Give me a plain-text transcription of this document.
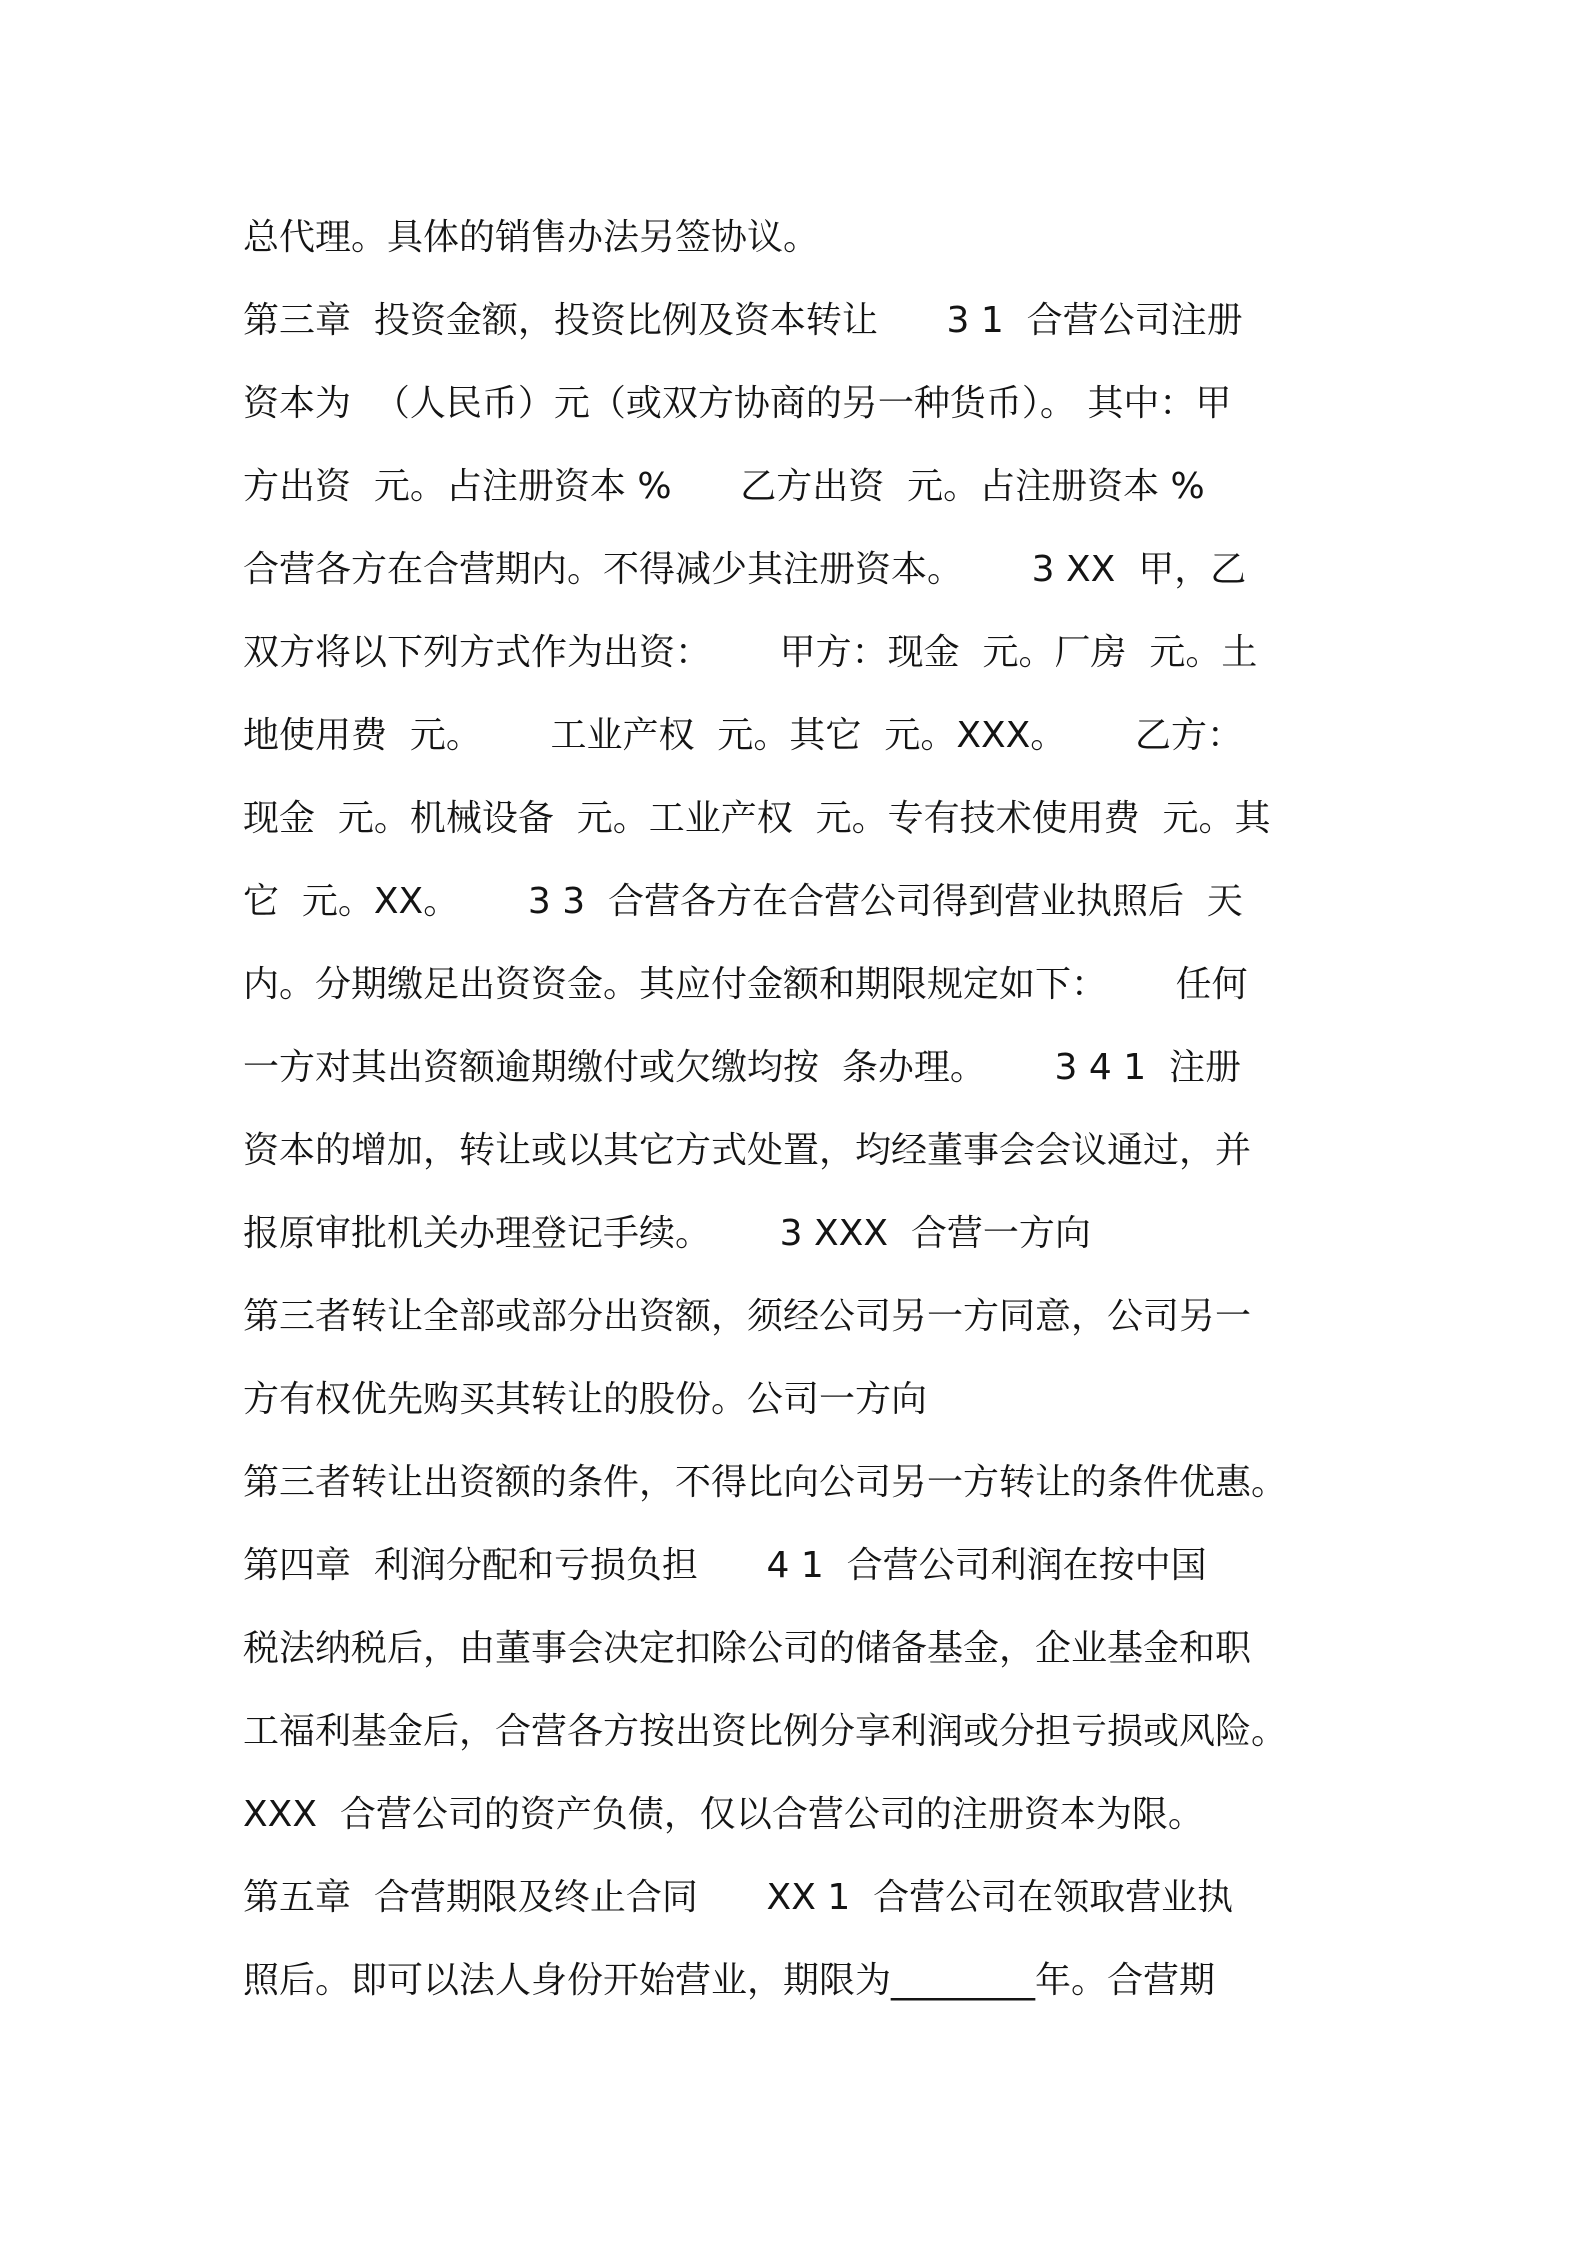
总代理。具体的销售办法另签协议。
第三章  投资金额，投资比例及资本转让      3 1  合营公司注册
资本为  （人民币）元（或双方协商的另一种货币）。 其中：甲
方出资  元。占注册资本 %      乙方出资  元。占注册资本 %
合营各方在合营期内。不得减少其注册资本。      3 XX  甲，乙
双方将以下列方式作为出资：      甲方：现金  元。厂房  元。土
地使用费  元。      工业产权  元。其它  元。XXX。      乙方：
现金  元。机械设备  元。工业产权  元。专有技术使用费  元。其
它  元。XX。      3 3  合营各方在合营公司得到营业执照后  天
内。分期缴足出资资金。其应付金额和期限规定如下：      任何
一方对其出资额逾期缴付或欠缴均按  条办理。      3 4 1  注册
资本的增加，转让或以其它方式处置，均经董事会会议通过，并
报原审批机关办理登记手续。      3 XXX  合营一方向
第三者转让全部或部分出资额，须经公司另一方同意，公司另一
方有权优先购买其转让的股份。公司一方向
第三者转让出资额的条件，不得比向公司另一方转让的条件优惠。
第四章  利润分配和亏损负担      4 1  合营公司利润在按中国
税法纳税后，由董事会决定扣除公司的储备基金，企业基金和职
工福利基金后，合营各方按出资比例分享利润或分担亏损或风险。
XXX  合营公司的资产负债，仅以合营公司的注册资本为限。
第五章  合营期限及终止合同      XX 1  合营公司在领取营业执
照后。即可以法人身份开始营业，期限为________年。合营期
